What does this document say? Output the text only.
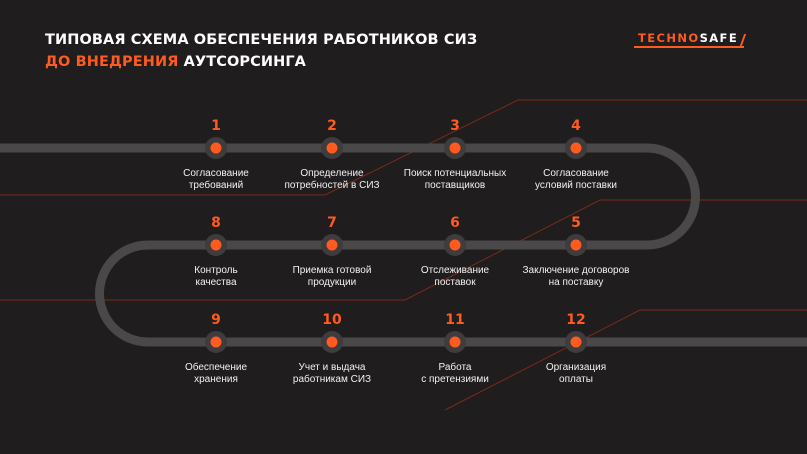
ТИПОВАЯ СХЕМА ОБЕСПЕЧЕНИЯ РАБОТНИКОВ СИЗ
ДО ВНЕДРЕНИЯ АУТСОРСИНГА
TECHNOSAFE
1
Согласование
требований
2
Определение
потребностей в СИЗ
3
Поиск потенциальных
поставщиков
4
Согласование
условий поставки
5
Заключение договоров
на поставку
6
Отслеживание
поставок
7
Приемка готовой
продукции
8
Контроль
качества
9
Обеспечение
хранения
10
Учет и выдача
работникам СИЗ
11
Работа
с претензиями
12
Организация
оплаты
